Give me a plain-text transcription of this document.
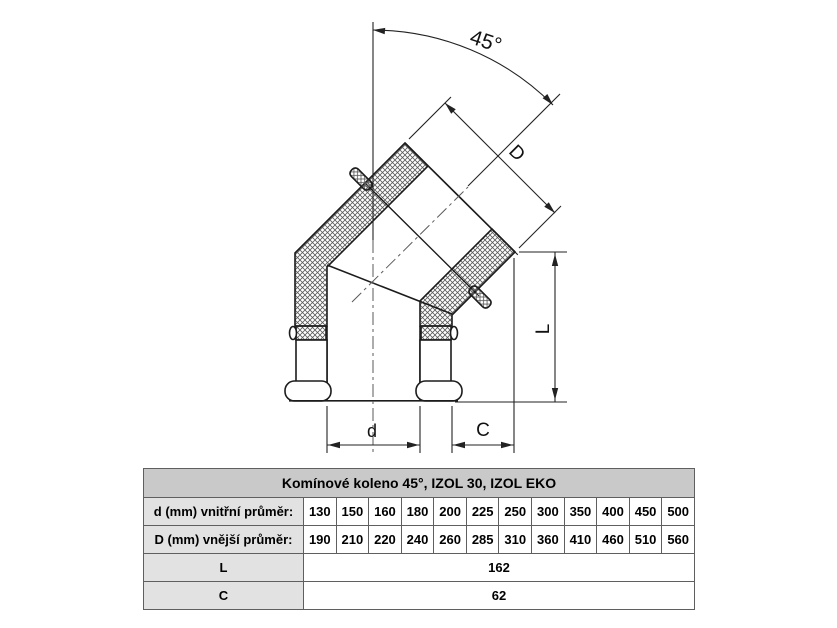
45°
D
L
d	C
Komínové koleno 45°, IZOL 30, IZOL EKO												
d (mm) vnitřní průměr:	130	150	160	180	200	225	250	300	350	400	450	500
D (mm) vnější průměr:	190	210	220	240	260	285	310	360	410	460	510	560
L	162											
C	62											
